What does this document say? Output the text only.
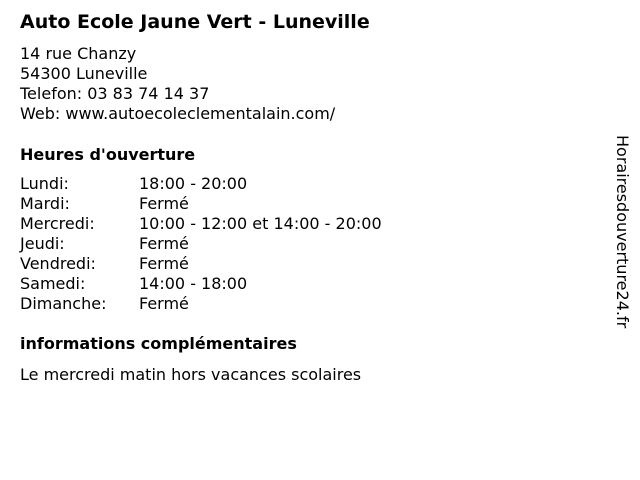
Auto Ecole Jaune Vert - Luneville
14 rue Chanzy
54300 Luneville
Telefon: 03 83 74 14 37
Web: www.autoecoleclementalain.com/
Heures d'ouverture
Lundi:	18:00 - 20:00
Mardi:	Fermé
Mercredi:	10:00 - 12:00 et 14:00 - 20:00
Jeudi:	Fermé
Vendredi:	Fermé
Samedi:	14:00 - 18:00
Dimanche:	Fermé
informations complémentaires
Le mercredi matin hors vacances scolaires
Horairesdouverture24.fr
